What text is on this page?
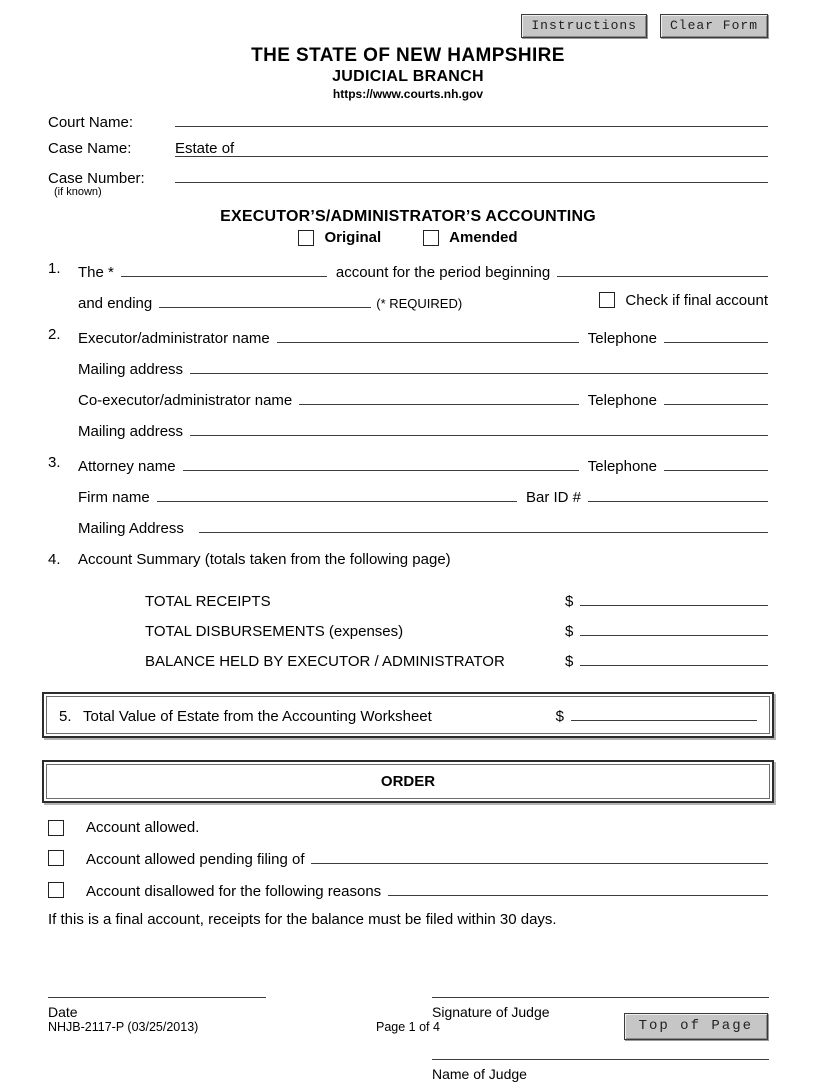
Instructions	Clear Form
THE STATE OF NEW HAMPSHIRE
JUDICIAL BRANCH
https://www.courts.nh.gov
Court Name:
Case Name:	Estate of
Case Number:
(if known)
EXECUTOR’S/ADMINISTRATOR’S ACCOUNTING
Original	Amended
1.	The *	account for the period beginning
and ending	(* REQUIRED)	Check if final account
2.	Executor/administrator name	Telephone
Mailing address
Co-executor/administrator name	Telephone
Mailing address
3.	Attorney name	Telephone
Firm name	Bar ID #
Mailing Address
4.	Account Summary (totals taken from the following page)
TOTAL RECEIPTS	$
TOTAL DISBURSEMENTS (expenses)	$
BALANCE HELD BY EXECUTOR / ADMINISTRATOR	$
5. Total Value of Estate from the Accounting Worksheet	$
ORDER
Account allowed.
Account allowed pending filing of
Account disallowed for the following reasons
If this is a final account, receipts for the balance must be filed within 30 days.
Date	Signature of Judge
Name of Judge
NHJB-2117-P (03/25/2013)	Page 1 of 4	Top of Page
